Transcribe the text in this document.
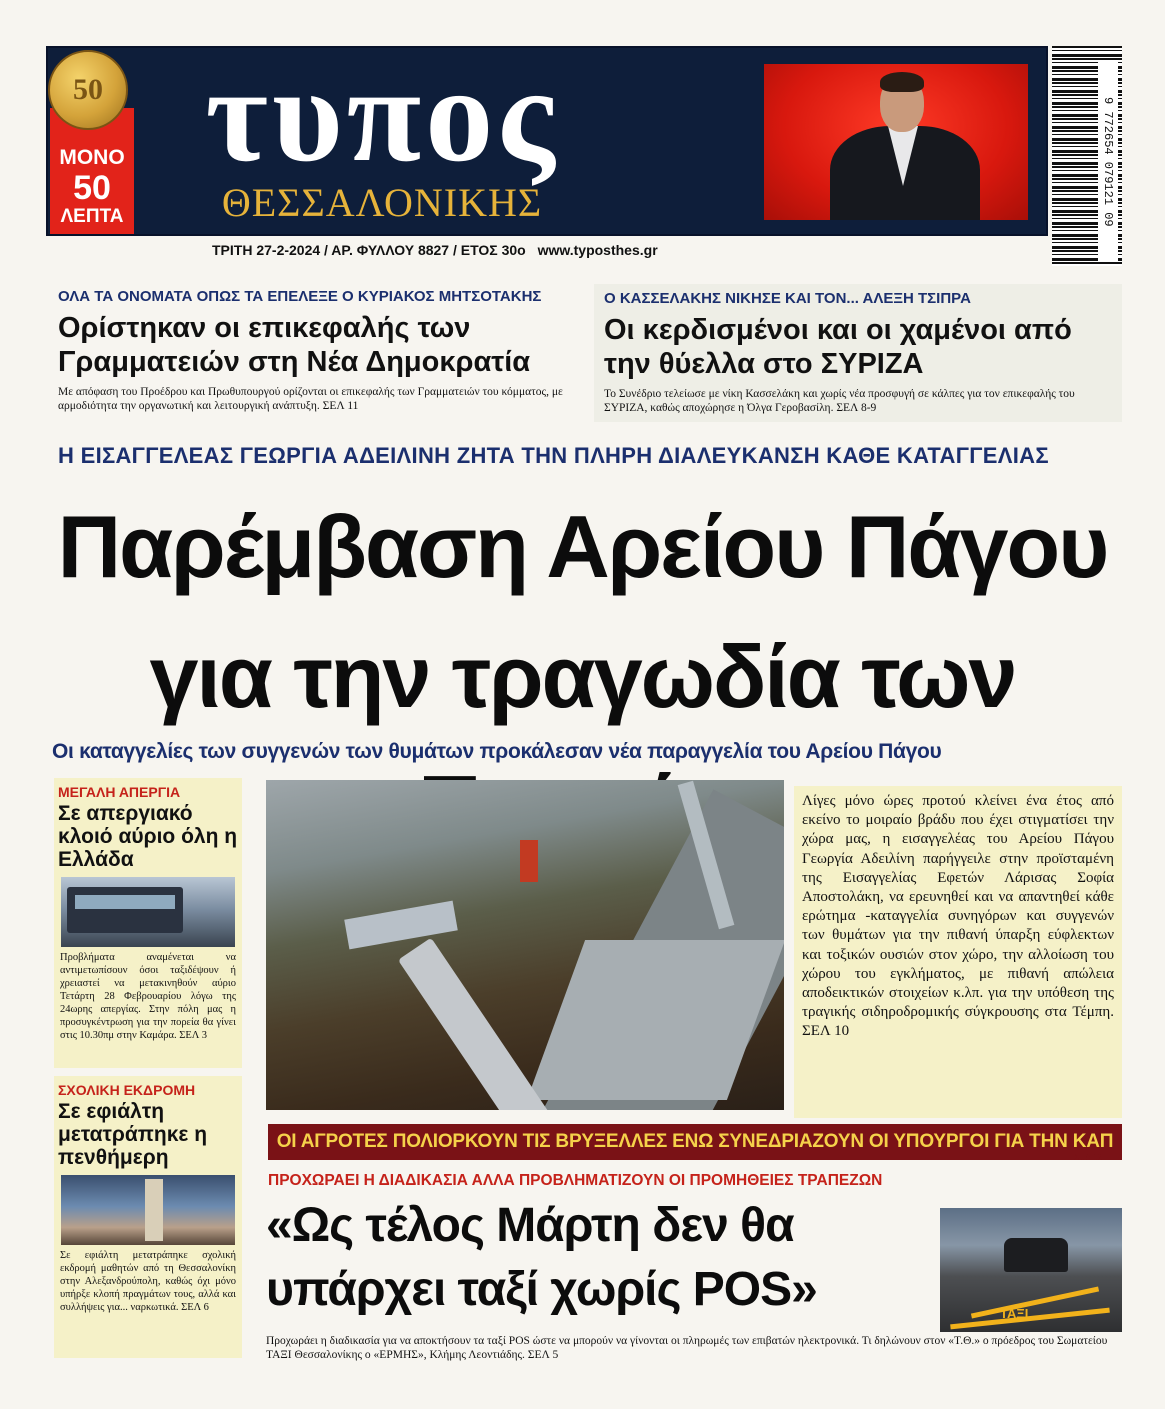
ΜΟΝΟ
50
ΛΕΠΤΑ
50 τυπος
ΘΕΣΣΑΛΟΝΙΚΗΣ
ΤΡΙΤΗ 27-2-2024 / ΑΡ. ΦΥΛΛΟΥ 8827 / ΕΤΟΣ 30ο www.typosthes.gr
9 772654 079121 09
ΟΛΑ ΤΑ ΟΝΟΜΑΤΑ ΟΠΩΣ ΤΑ ΕΠΕΛΕΞΕ Ο ΚΥΡΙΑΚΟΣ ΜΗΤΣΟΤΑΚΗΣ
Ορίστηκαν οι επικεφαλής των Γραμματειών στη Νέα Δημοκρατία

Με απόφαση του Προέδρου και Πρωθυπουργού ορίζονται οι επικεφαλής των Γραμματειών του κόμματος, με αρμοδιότητα την οργανωτική και λειτουργική ανάπτυξη. ΣΕΛ 11

Ο ΚΑΣΣΕΛΑΚΗΣ ΝΙΚΗΣΕ ΚΑΙ ΤΟΝ... ΑΛΕΞΗ ΤΣΙΠΡΑ
Οι κερδισμένοι και οι χαμένοι από την θύελλα στο ΣΥΡΙΖΑ

Το Συνέδριο τελείωσε με νίκη Κασσελάκη και χωρίς νέα προσφυγή σε κάλπες για τον επικεφαλής του ΣΥΡΙΖΑ, καθώς αποχώρησε η Όλγα Γεροβασίλη. ΣΕΛ 8-9

Η ΕΙΣΑΓΓΕΛΕΑΣ ΓΕΩΡΓΙΑ ΑΔΕΙΛΙΝΗ ΖΗΤΑ ΤΗΝ ΠΛΗΡΗ ΔΙΑΛΕΥΚΑΝΣΗ ΚΑΘΕ ΚΑΤΑΓΓΕΛΙΑΣ
Παρέμβαση Αρείου Πάγου
για την τραγωδία των
Οι καταγγελίες των συγγενών των θυμάτων προκάλεσαν νέα παραγγελία του Αρείου Πάγου
ΜΕΓΑΛΗ ΑΠΕΡΓΙΑ
Σε απεργιακό κλοιό αύριο όλη η Ελλάδα
Προβλήματα αναμένεται να αντιμετωπίσουν όσοι ταξιδέψουν ή χρειαστεί να μετακινηθούν αύριο Τετάρτη 28 Φεβρουαρίου λόγω της 24ωρης απεργίας. Στην πόλη μας η προσυγκέντρωση για την πορεία θα γίνει στις 10.30πμ στην Καμάρα. ΣΕΛ 3
ΣΧΟΛΙΚΗ ΕΚΔΡΟΜΗ
Σε εφιάλτη μετατράπηκε η πενθήμερη
Σε εφιάλτη μετατράπηκε σχολική εκδρομή μαθητών από τη Θεσσαλονίκη στην Αλεξανδρούπολη, καθώς όχι μόνο υπήρξε κλοπή πραγμάτων τους, αλλά και συλλήψεις για... ναρκωτικά. ΣΕΛ 6

Λίγες μόνο ώρες προτού κλείνει ένα έτος από εκείνο το μοιραίο βράδυ που έχει στιγματίσει την χώρα μας, η εισαγγελέας του Αρείου Πάγου Γεωργία Αδειλίνη παρήγγειλε στην προϊσταμένη της Εισαγγελίας Εφετών Λάρισας Σοφία Αποστολάκη, να ερευνηθεί και να απαντηθεί κάθε ερώτημα -καταγγελία συνηγόρων και συγγενών των θυμάτων για την πιθανή ύπαρξη εύφλεκτων και τοξικών ουσιών στον χώρο, την αλλοίωση του χώρου του εγκλήματος, με πιθανή απώλεια αποδεικτικών στοιχείων κ.λπ. για την υπόθεση της τραγικής σιδηροδρομικής σύγκρουσης στα Τέμπη. ΣΕΛ 10

ΟΙ ΑΓΡΟΤΕΣ ΠΟΛΙΟΡΚΟΥΝ ΤΙΣ ΒΡΥΞΕΛΛΕΣ ΕΝΩ ΣΥΝΕΔΡΙΑΖΟΥΝ ΟΙ ΥΠΟΥΡΓΟΙ ΓΙΑ ΤΗΝ ΚΑΠ
ΣΕΛ 12
ΠΡΟΧΩΡΑΕΙ Η ΔΙΑΔΙΚΑΣΙΑ ΑΛΛΑ ΠΡΟΒΛΗΜΑΤΙΖΟΥΝ ΟΙ ΠΡΟΜΗΘΕΙΕΣ ΤΡΑΠΕΖΩΝ
«Ως τέλος Μάρτη δεν θα υπάρχει ταξί χωρίς POS»	ΤΑΞΙ
Προχωράει η διαδικασία για να αποκτήσουν τα ταξί POS ώστε να μπορούν να γίνονται οι πληρωμές των επιβατών ηλεκτρονικά. Τι δηλώνουν στον «Τ.Θ.» ο πρόεδρος του Σωματείου ΤΑΞΙ Θεσσαλονίκης ο «ΕΡΜΗΣ», Κλήμης Λεοντιάδης. ΣΕΛ 5
